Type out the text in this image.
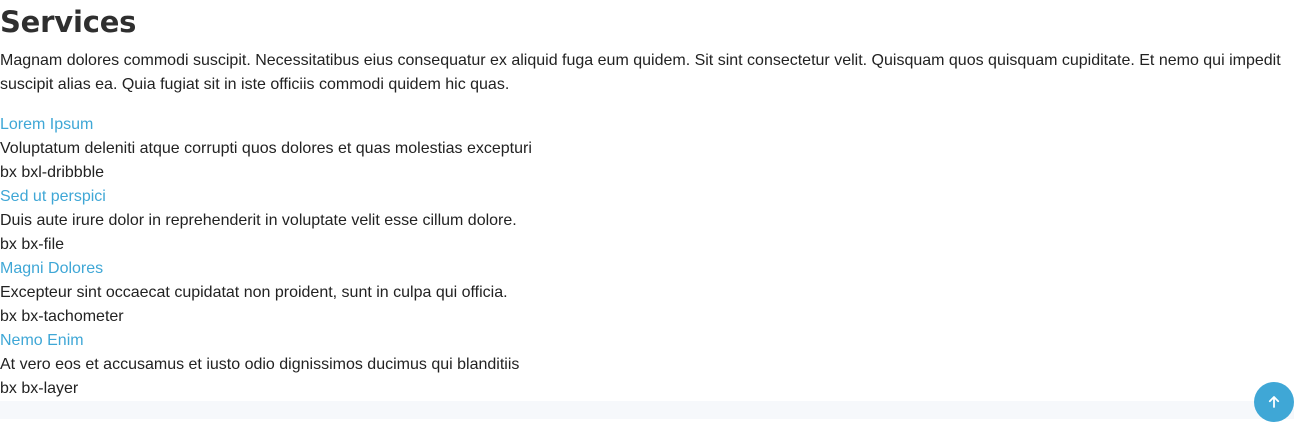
Services

Magnam dolores commodi suscipit. Necessitatibus eius consequatur ex aliquid fuga eum quidem. Sit sint consectetur velit. Quisquam quos quisquam cupiditate. Et nemo qui impedit suscipit alias ea. Quia fugiat sit in iste officiis commodi quidem hic quas.

Lorem Ipsum
Voluptatum deleniti atque corrupti quos dolores et quas molestias excepturi
bx bxl-dribbble
Sed ut perspici
Duis aute irure dolor in reprehenderit in voluptate velit esse cillum dolore.
bx bx-file
Magni Dolores
Excepteur sint occaecat cupidatat non proident, sunt in culpa qui officia.
bx bx-tachometer
Nemo Enim
At vero eos et accusamus et iusto odio dignissimos ducimus qui blanditiis
bx bx-layer
